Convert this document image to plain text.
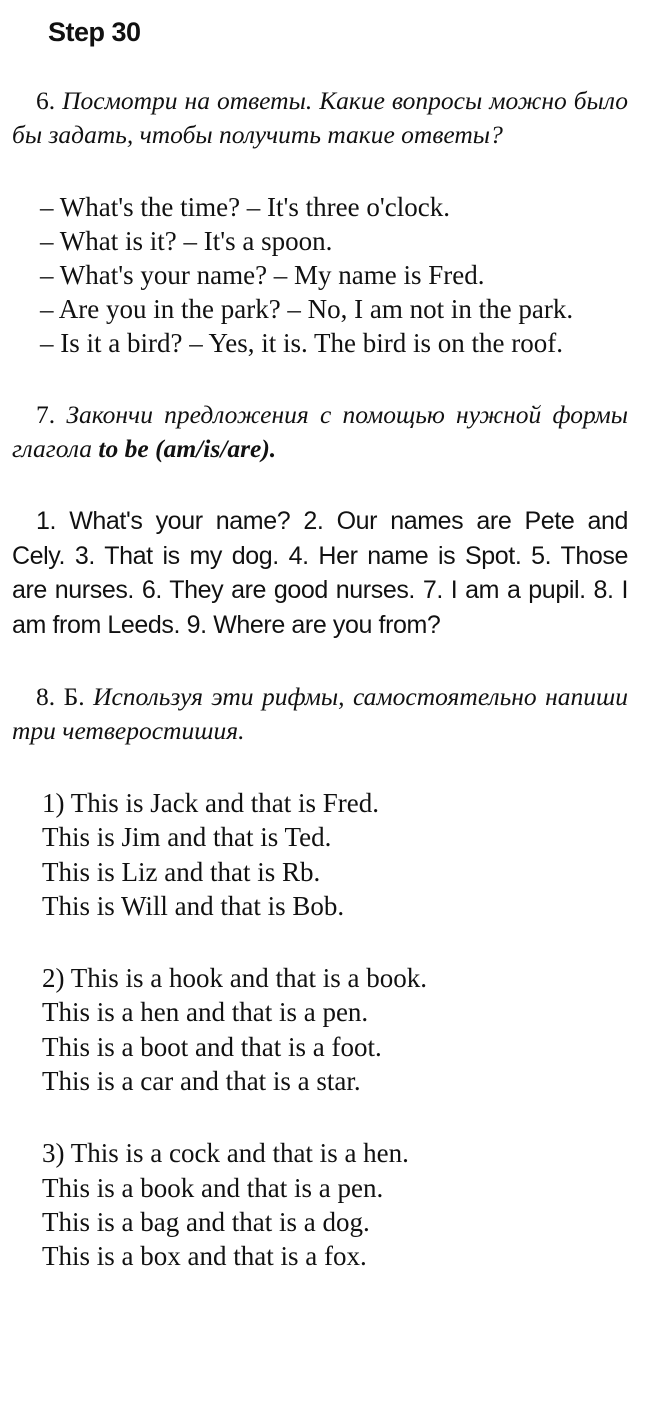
Step 30

6. Посмотри на ответы. Какие вопросы можно было бы задать, чтобы получить такие ответы?

– What's the time? – It's three o'clock.

– What is it? – It's a spoon.

– What's your name? – My name is Fred.

– Are you in the park? – No, I am not in the park.

– Is it a bird? – Yes, it is. The bird is on the roof.

7. Закончи предложения с помощью нужной формы глагола to be (am/is/are).

1. What's your name? 2. Our names are Pete and Cely. 3. That is my dog. 4. Her name is Spot. 5. Those are nurses. 6. They are good nurses. 7. I am a pupil. 8. I am from Leeds. 9. Where are you from?

8. Б. Используя эти рифмы, самостоятельно напиши три четверостишия.

1) This is Jack and that is Fred.

This is Jim and that is Ted.

This is Liz and that is Rb.

This is Will and that is Bob.

2) This is a hook and that is a book.

This is a hen and that is a pen.

This is a boot and that is a foot.

This is a car and that is a star.

3) This is a cock and that is a hen.

This is a book and that is a pen.

This is a bag and that is a dog.

This is a box and that is a fox.
